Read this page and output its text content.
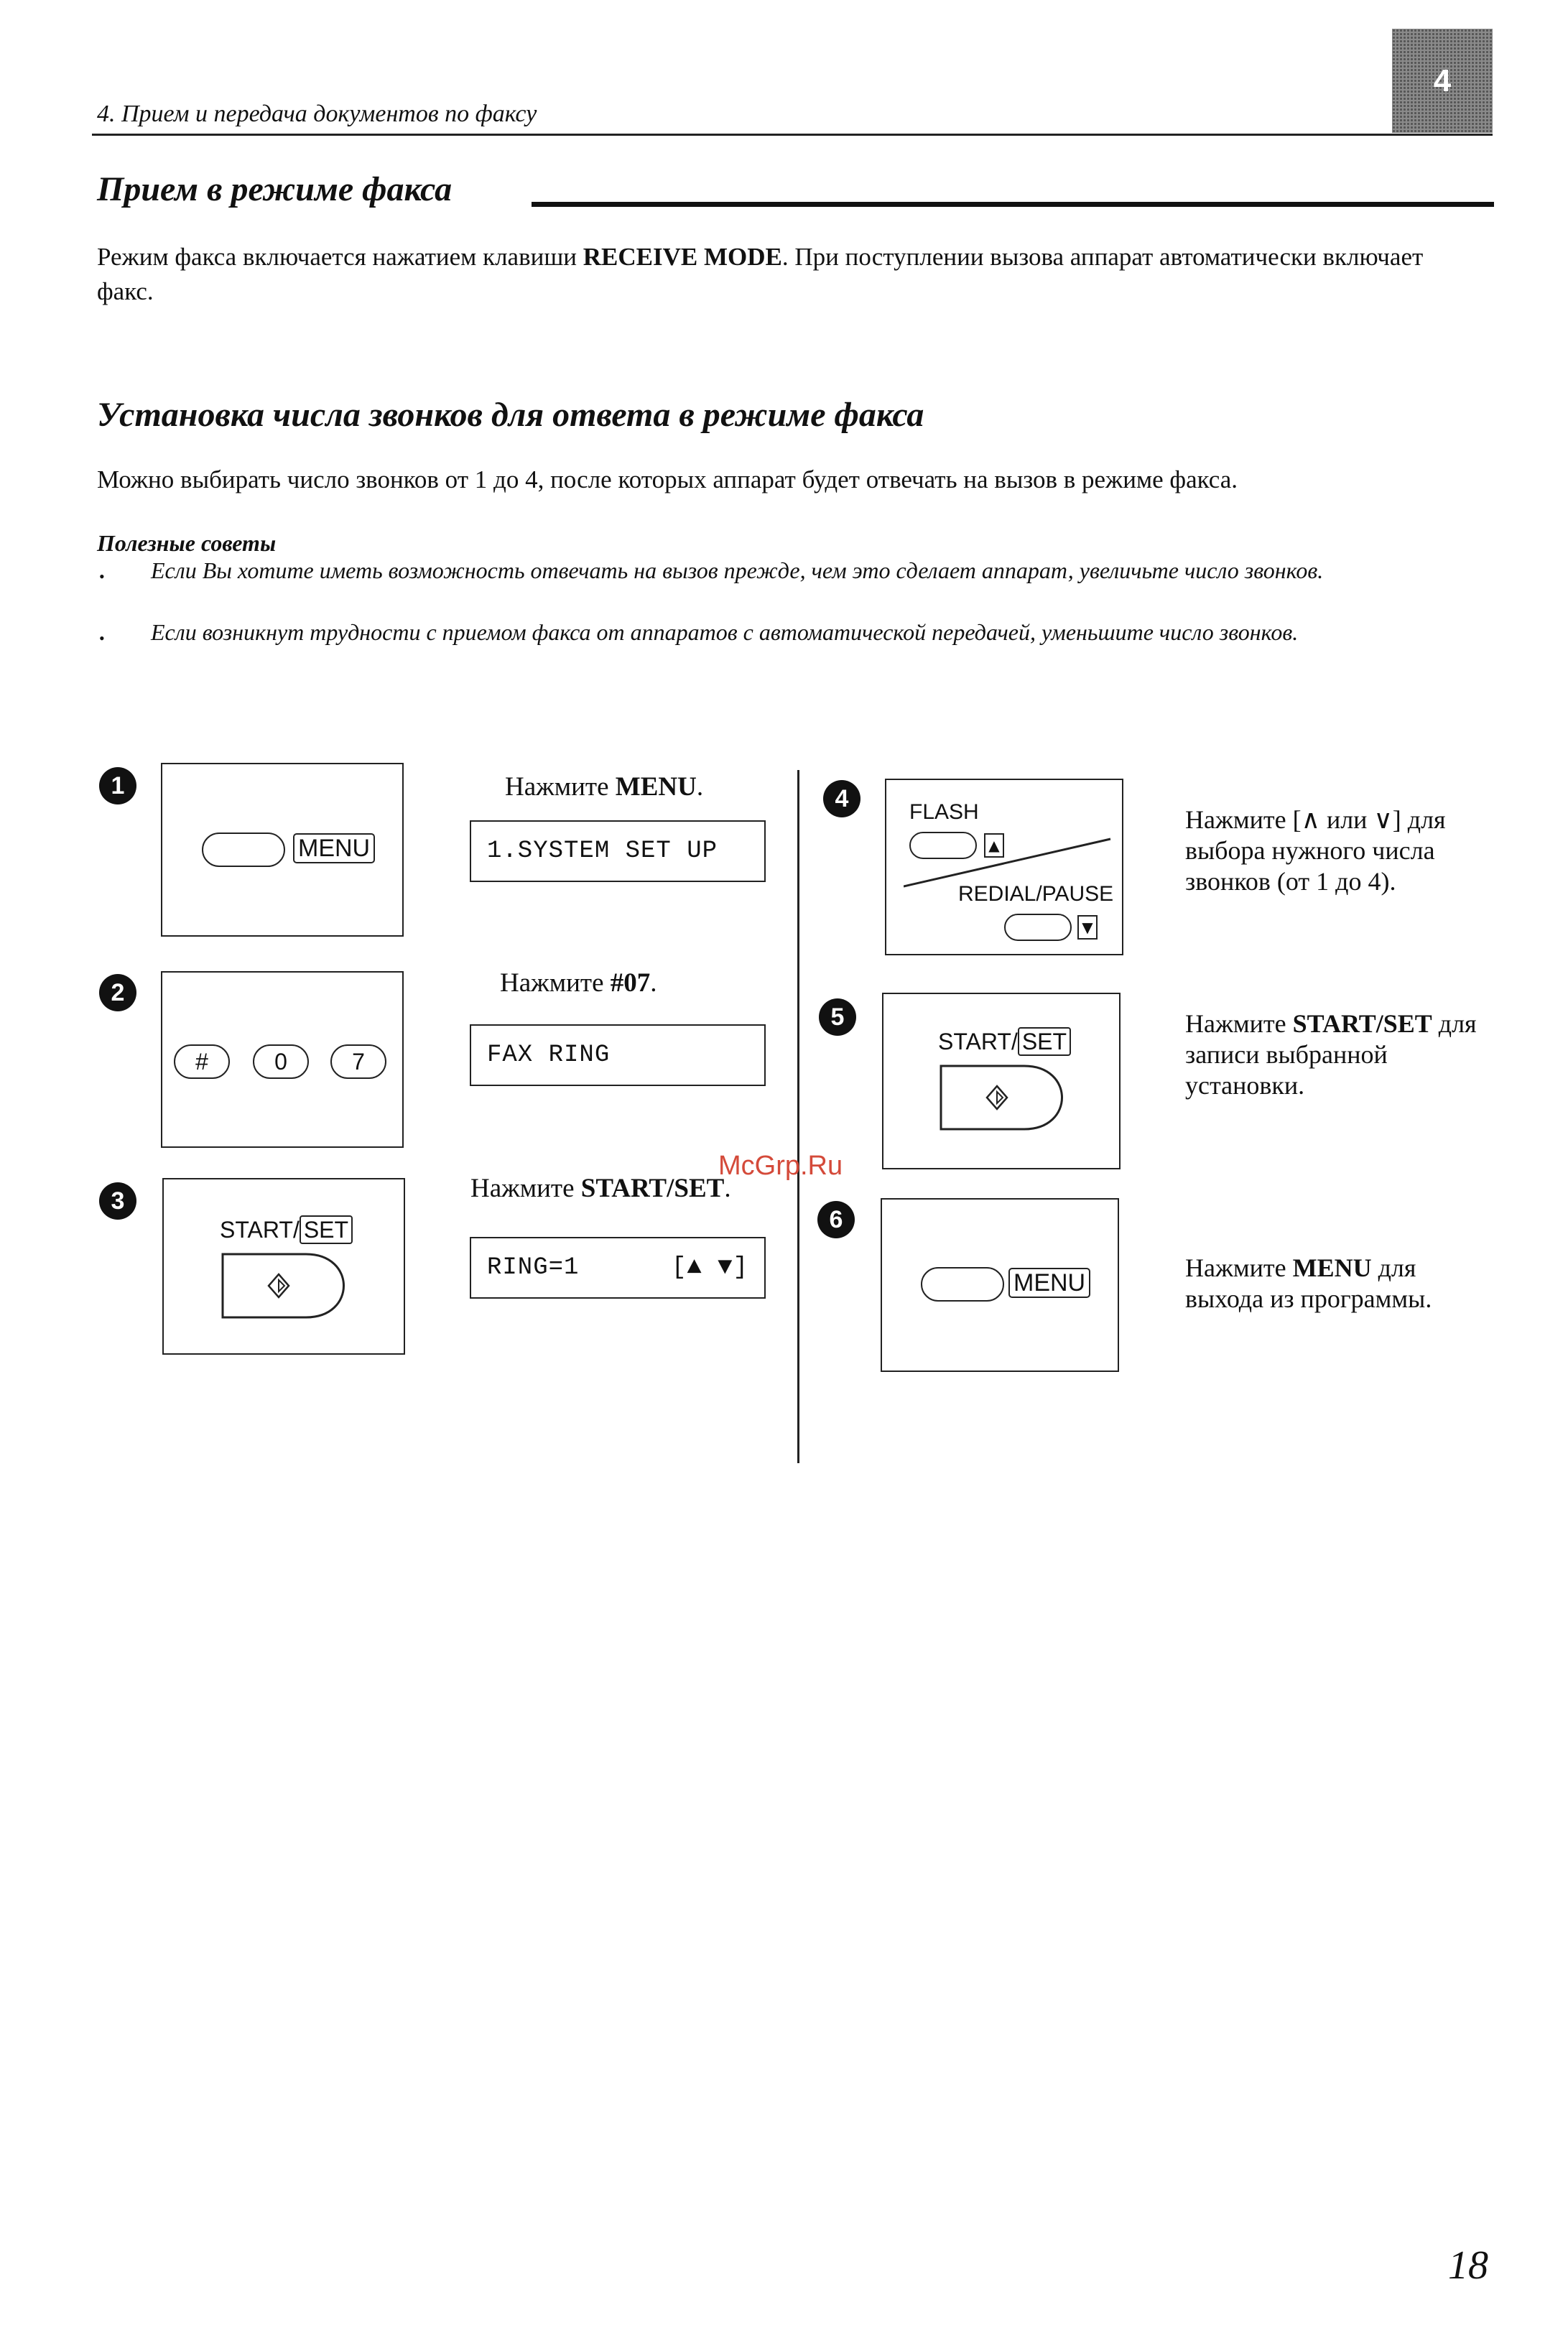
4. Прием и передача документов по факсу
4
Прием в режиме факса
Режим факса включается нажатием клавиши RECEIVE MODE. При поступлении вызова аппарат автоматически включает факс.
Установка числа звонков для ответа в режиме факса
Можно выбирать число звонков от 1 до 4, после которых аппарат будет отвечать на вызов в режиме факса.
Полезные советы
• Если Вы хотите иметь возможность отвечать на вызов прежде, чем это сделает аппарат, увеличьте число звонков.
• Если возникнут трудности с приемом факса от аппаратов с автоматической передачей, уменьшите число звонков.
1
MENU
Нажмите MENU.
1.SYSTEM SET UP
2
#	0	7
Нажмите #07.
FAX RING
3
START/ SET
Нажмите START/SET.
RING=1	[▲ ▼]
4	FLASH
▲
REDIAL/PAUSE
▼
Нажмите [∧ или ∨] для выбора нужного числа звонков (от 1 до 4).
5
START/ SET
Нажмите START/SET для записи выбранной установки.
6
MENU
Нажмите MENU для выхода из программы.
McGrp.Ru
18
